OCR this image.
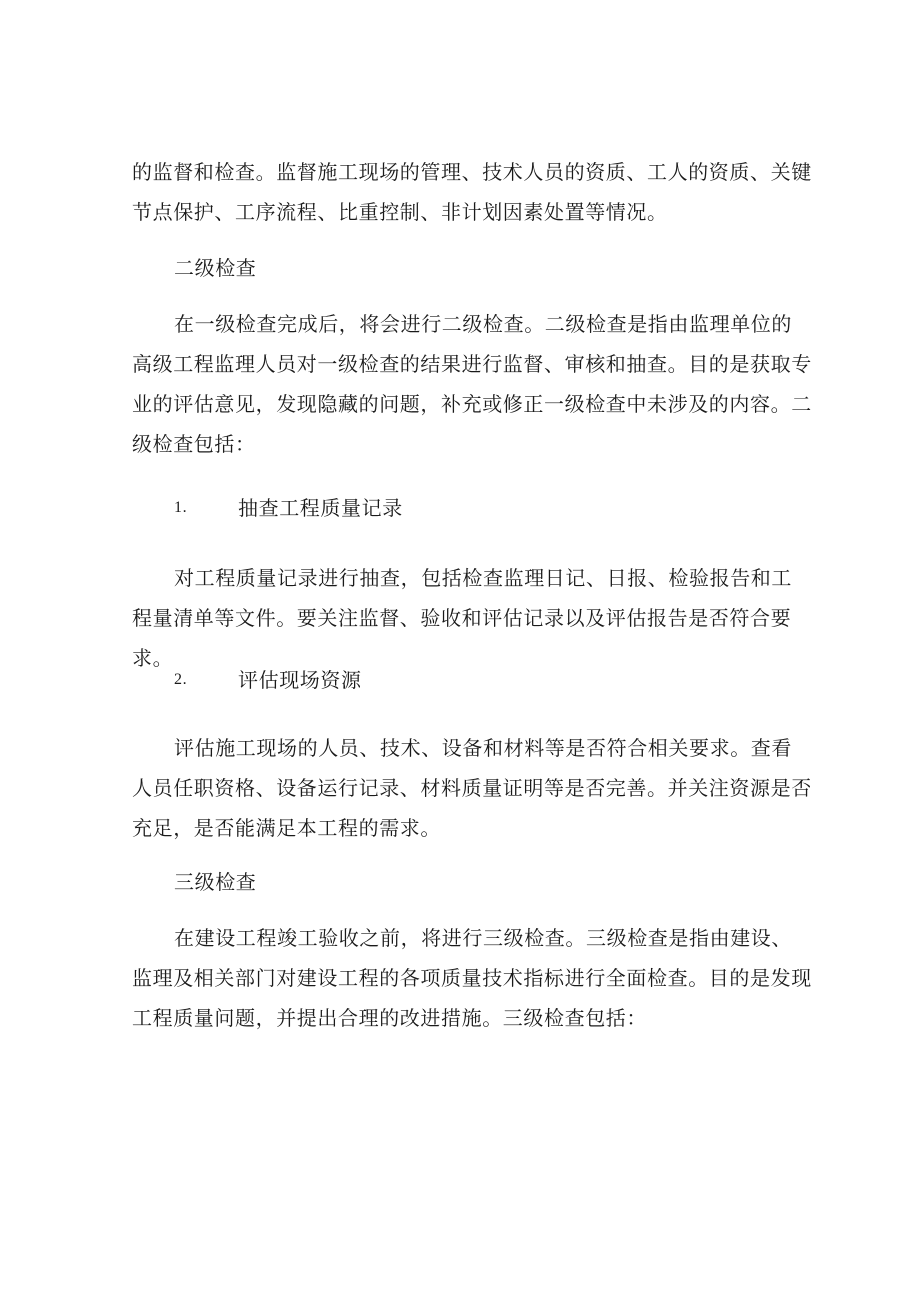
的监督和检查。监督施工现场的管理、技术人员的资质、工人的资质、关键节点保护、工序流程、比重控制、非计划因素处置等情况。

二级检查

在一级检查完成后，将会进行二级检查。二级检查是指由监理单位的高级工程监理人员对一级检查的结果进行监督、审核和抽查。目的是获取专业的评估意见，发现隐藏的问题，补充或修正一级检查中未涉及的内容。二级检查包括：

1.	抽查工程质量记录

对工程质量记录进行抽查，包括检查监理日记、日报、检验报告和工程量清单等文件。要关注监督、验收和评估记录以及评估报告是否符合要求。

2.	评估现场资源

评估施工现场的人员、技术、设备和材料等是否符合相关要求。查看人员任职资格、设备运行记录、材料质量证明等是否完善。并关注资源是否充足，是否能满足本工程的需求。

三级检查

在建设工程竣工验收之前，将进行三级检查。三级检查是指由建设、监理及相关部门对建设工程的各项质量技术指标进行全面检查。目的是发现工程质量问题，并提出合理的改进措施。三级检查包括：
